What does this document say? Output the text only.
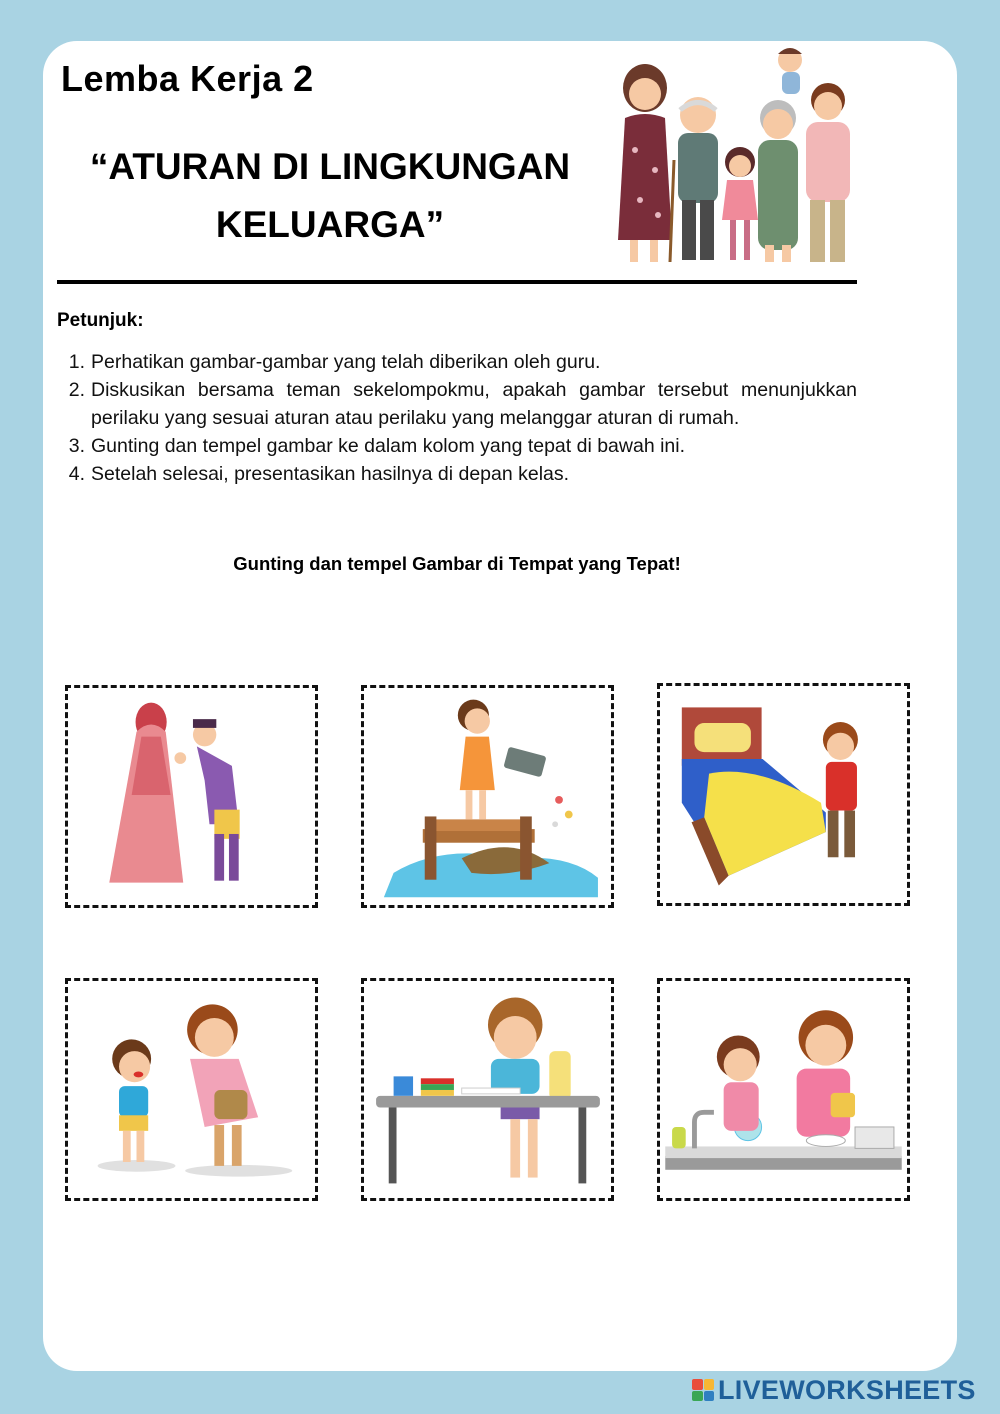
Lemba Kerja 2
“ATURAN DI LINGKUNGAN
KELUARGA”
Petunjuk:
1. Perhatikan gambar-gambar yang telah diberikan oleh guru.
2. Diskusikan bersama teman sekelompokmu, apakah gambar tersebut menunjukkan perilaku yang sesuai aturan atau perilaku yang melanggar aturan di rumah.
3. Gunting dan tempel gambar ke dalam kolom yang tepat di bawah ini.
4. Setelah selesai, presentasikan hasilnya di depan kelas.
Gunting dan tempel Gambar di Tempat yang Tepat!
LIVEWORKSHEETS
